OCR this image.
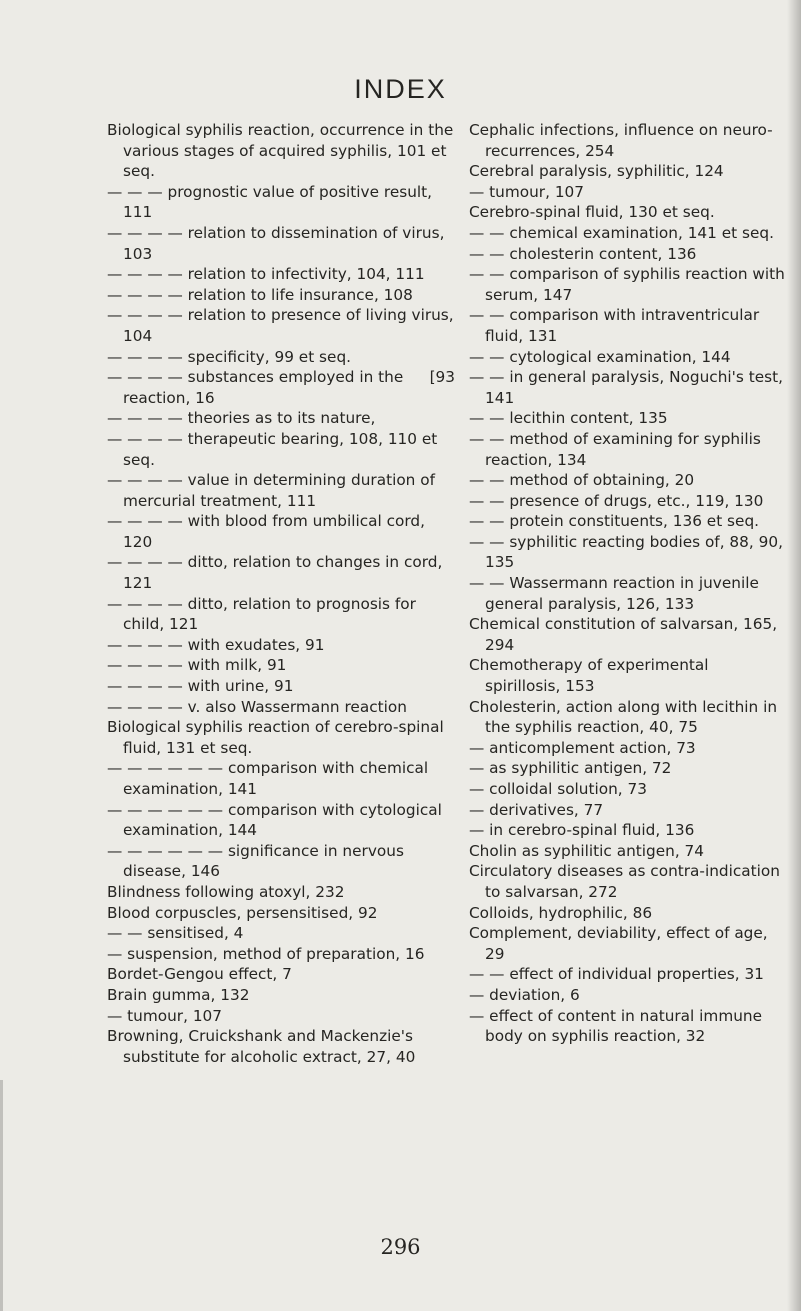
INDEX
Biological syphilis reaction, occurrence in the various stages of acquired syphilis, 101 et seq.
— — — prognostic value of positive result, 111
— — — — relation to dissemination of virus, 103
— — — — relation to infectivity, 104, 111
— — — — relation to life insurance, 108
— — — — relation to presence of living virus, 104
— — — — specificity, 99 et seq.
[93
— — — — substances employed in the reaction, 16
— — — — theories as to its nature,
— — — — therapeutic bearing, 108, 110 et seq.
— — — — value in determining duration of mercurial treatment, 111
— — — — with blood from umbilical cord, 120
— — — — ditto, relation to changes in cord, 121
— — — — ditto, relation to prognosis for child, 121
— — — — with exudates, 91
— — — — with milk, 91
— — — — with urine, 91
— — — — v. also Wassermann reaction
Biological syphilis reaction of cerebro-spinal fluid, 131 et seq.
— — — — — — comparison with chemical examination, 141
— — — — — — comparison with cytological examination, 144
— — — — — — significance in nervous disease, 146
Blindness following atoxyl, 232
Blood corpuscles, persensitised, 92
— — sensitised, 4
— suspension, method of preparation, 16
Bordet-Gengou effect, 7
Brain gumma, 132
— tumour, 107
Browning, Cruickshank and Mackenzie's substitute for alcoholic extract, 27, 40
Cephalic infections, influence on neuro-recurrences, 254
Cerebral paralysis, syphilitic, 124
— tumour, 107
Cerebro-spinal fluid, 130 et seq.
— — chemical examination, 141 et seq.
— — cholesterin content, 136
— — comparison of syphilis reaction with serum, 147
— — comparison with intraventricular fluid, 131
— — cytological examination, 144
— — in general paralysis, Noguchi's test, 141
— — lecithin content, 135
— — method of examining for syphilis reaction, 134
— — method of obtaining, 20
— — presence of drugs, etc., 119, 130
— — protein constituents, 136 et seq.
— — syphilitic reacting bodies of, 88, 90, 135
— — Wassermann reaction in juvenile general paralysis, 126, 133
Chemical constitution of salvarsan, 165, 294
Chemotherapy of experimental spirillosis, 153
Cholesterin, action along with lecithin in the syphilis reaction, 40, 75
— anticomplement action, 73
— as syphilitic antigen, 72
— colloidal solution, 73
— derivatives, 77
— in cerebro-spinal fluid, 136
Cholin as syphilitic antigen, 74
Circulatory diseases as contra-indication to salvarsan, 272
Colloids, hydrophilic, 86
Complement, deviability, effect of age, 29
— — effect of individual properties, 31
— deviation, 6
— effect of content in natural immune body on syphilis reaction, 32
296
